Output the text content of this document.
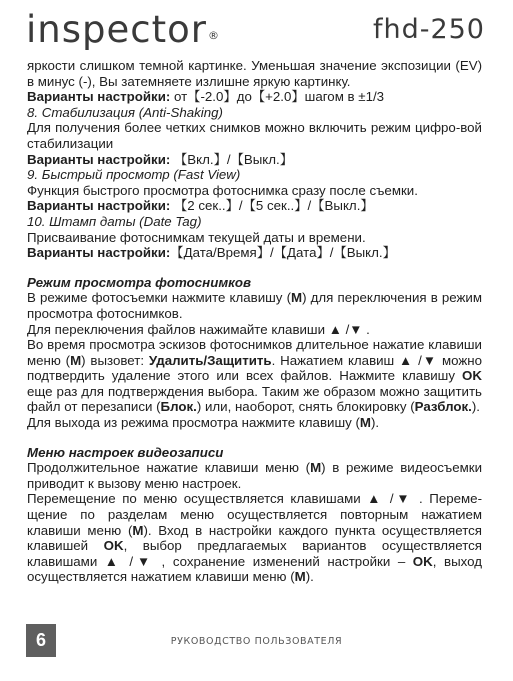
inspector®	fhd-250

яркости слишком темной картинке. Уменьшая значение экспозиции (EV) в минус (-), Вы затемняете излишне яркую картинку.

Варианты настройки: от【-2.0】до【+2.0】шагом в ±1/3

8. Стабилизация (Anti-Shaking)

Для получения более четких снимков можно включить режим цифро-вой стабилизации

Варианты настройки: 【Вкл.】/【Выкл.】

9. Быстрый просмотр (Fast View)

Функция быстрого просмотра фотоснимка сразу после съемки.

Варианты настройки: 【2 сек..】/【5 сек..】/【Выкл.】

10. Штамп даты (Date Tag)

Присваивание фотоснимкам текущей даты и времени.

Варианты настройки:【Дата/Время】/【Дата】/【Выкл.】

Режим просмотра фотоснимков

В режиме фотосъемки нажмите клавишу (M) для переключения в режим просмотра фотоснимков.

Для переключения файлов нажимайте клавиши ▲ /▼ .

Во время просмотра эскизов фотоснимков длительное нажатие клавиши меню (M) вызовет: Удалить/Защитить. Нажатием клавиш ▲ /▼ можно подтвердить удаление этого или всех файлов. Нажмите клавишу OK еще раз для подтверждения выбора. Таким же образом можно защитить файл от перезаписи (Блок.) или, наоборот, снять блокировку (Разблок.).

Для выхода из режима просмотра нажмите клавишу (M).

Меню настроек видеозаписи

Продолжительное нажатие клавиши меню (M) в режиме видеосъемки приводит к вызову меню настроек.

Перемещение по меню осуществляется клавишами ▲ /▼ . Переме-щение по разделам меню осуществляется повторным нажатием клавиши меню (M). Вход в настройки каждого пункта осуществляется клавишей OK, выбор предлагаемых вариантов осуществляется клавишами ▲ /▼ , сохранение изменений настройки – OK, выход осуществляется нажатием клавиши меню (M).

6	РУКОВОДСТВО ПОЛЬЗОВАТЕЛЯ
